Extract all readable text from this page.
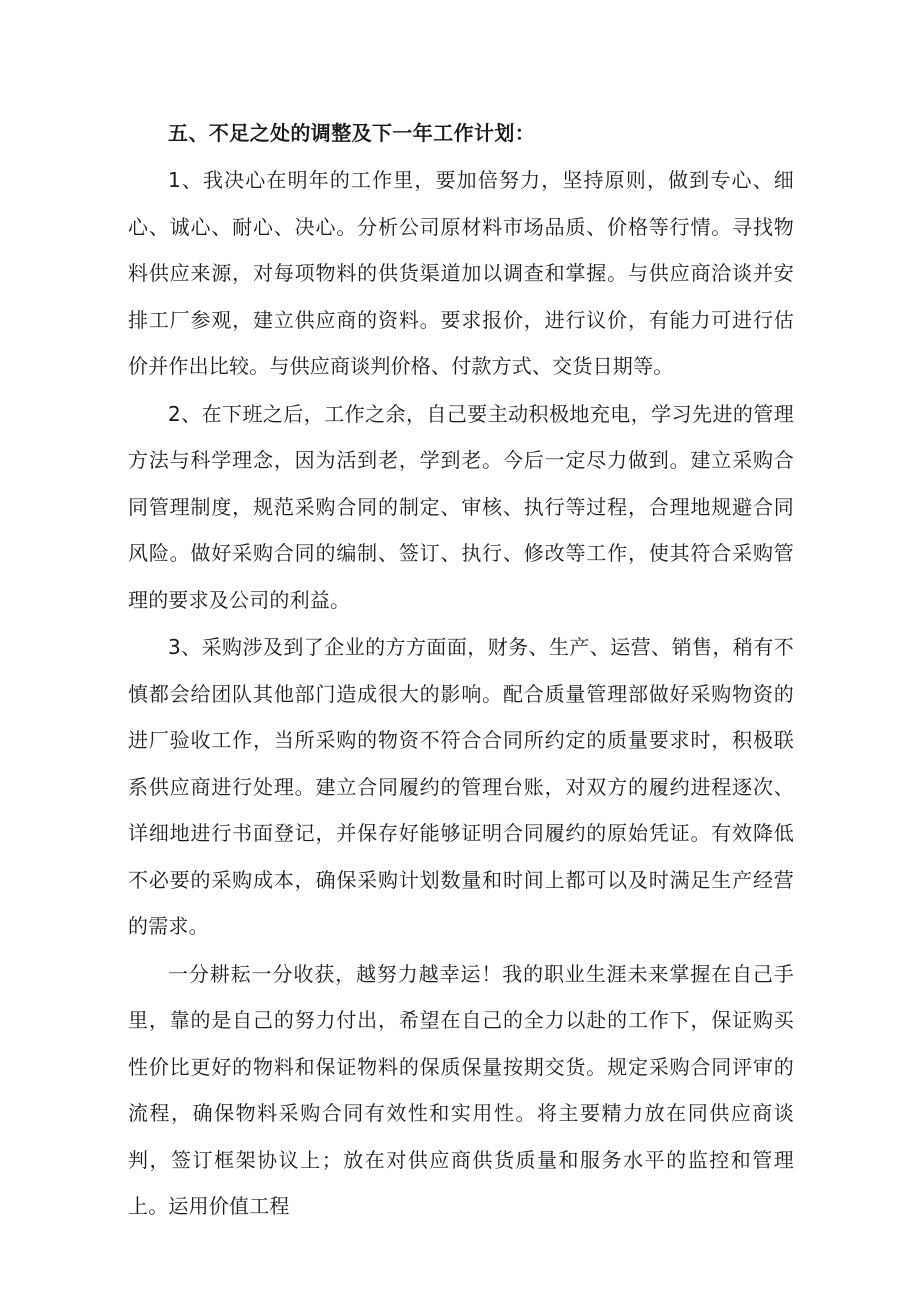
五、不足之处的调整及下一年工作计划：

1、我决心在明年的工作里，要加倍努力，坚持原则，做到专心、细心、诚心、耐心、决心。分析公司原材料市场品质、价格等行情。寻找物料供应来源，对每项物料的供货渠道加以调查和掌握。与供应商洽谈并安排工厂参观，建立供应商的资料。要求报价，进行议价，有能力可进行估价并作出比较。与供应商谈判价格、付款方式、交货日期等。

2、在下班之后，工作之余，自己要主动积极地充电，学习先进的管理方法与科学理念，因为活到老，学到老。今后一定尽力做到。建立采购合同管理制度，规范采购合同的制定、审核、执行等过程，合理地规避合同风险。做好采购合同的编制、签订、执行、修改等工作，使其符合采购管理的要求及公司的利益。

3、采购涉及到了企业的方方面面，财务、生产、运营、销售，稍有不慎都会给团队其他部门造成很大的影响。配合质量管理部做好采购物资的进厂验收工作，当所采购的物资不符合合同所约定的质量要求时，积极联系供应商进行处理。建立合同履约的管理台账，对双方的履约进程逐次、详细地进行书面登记，并保存好能够证明合同履约的原始凭证。有效降低不必要的采购成本，确保采购计划数量和时间上都可以及时满足生产经营的需求。

一分耕耘一分收获，越努力越幸运！我的职业生涯未来掌握在自己手里，靠的是自己的努力付出，希望在自己的全力以赴的工作下，保证购买性价比更好的物料和保证物料的保质保量按期交货。规定采购合同评审的流程，确保物料采购合同有效性和实用性。将主要精力放在同供应商谈判，签订框架协议上；放在对供应商供货质量和服务水平的监控和管理上。运用价值工程
